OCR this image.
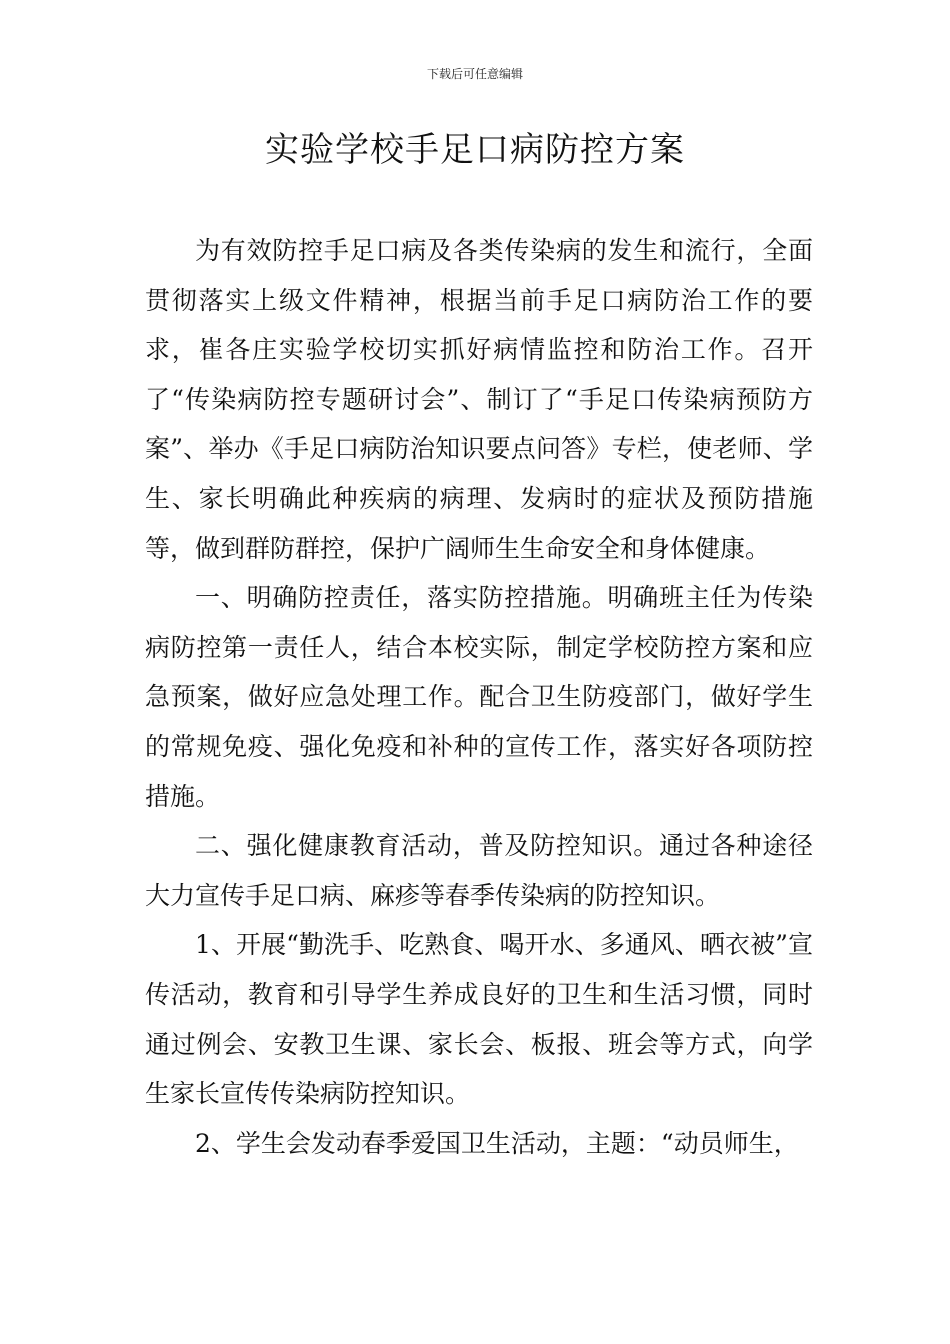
下载后可任意编辑
实验学校手足口病防控方案

为有效防控手足口病及各类传染病的发生和流行，全面贯彻落实上级文件精神，根据当前手足口病防治工作的要求，崔各庄实验学校切实抓好病情监控和防治工作。召开了“传染病防控专题研讨会”、制订了“手足口传染病预防方案”、举办《手足口病防治知识要点问答》专栏，使老师、学生、家长明确此种疾病的病理、发病时的症状及预防措施等，做到群防群控，保护广阔师生生命安全和身体健康。

一、明确防控责任，落实防控措施。明确班主任为传染病防控第一责任人，结合本校实际，制定学校防控方案和应急预案，做好应急处理工作。配合卫生防疫部门，做好学生的常规免疫、强化免疫和补种的宣传工作，落实好各项防控措施。

二、强化健康教育活动，普及防控知识。通过各种途径大力宣传手足口病、麻疹等春季传染病的防控知识。

1、开展“勤洗手、吃熟食、喝开水、多通风、晒衣被”宣传活动，教育和引导学生养成良好的卫生和生活习惯，同时通过例会、安教卫生课、家长会、板报、班会等方式，向学生家长宣传传染病防控知识。

2、学生会发动春季爱国卫生活动，主题：“动员师生，
